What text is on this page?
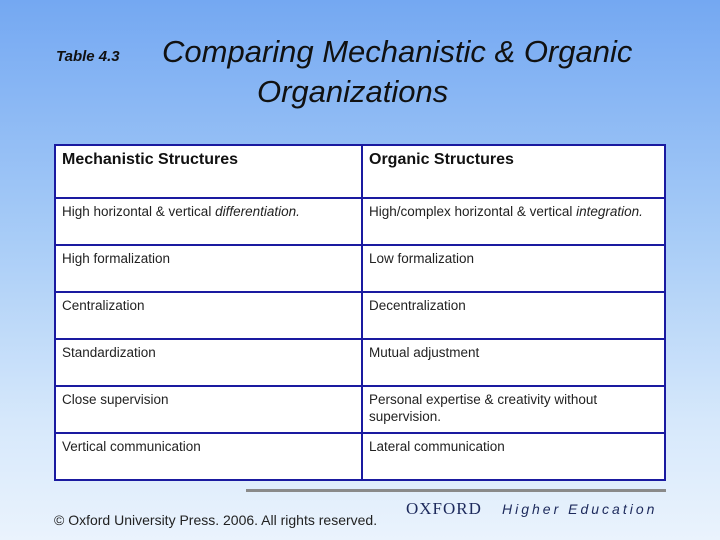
Table 4.3 Comparing Mechanistic & Organic
Organizations
Mechanistic Structures	Organic Structures
High horizontal & vertical differentiation.	High/complex horizontal & vertical integration.
High formalization	Low formalization
Centralization	Decentralization
Standardization	Mutual adjustment
Close supervision	Personal expertise & creativity without supervision.
Vertical communication	Lateral communication
© Oxford University Press. 2006. All rights reserved.
OXFORD Higher Education
